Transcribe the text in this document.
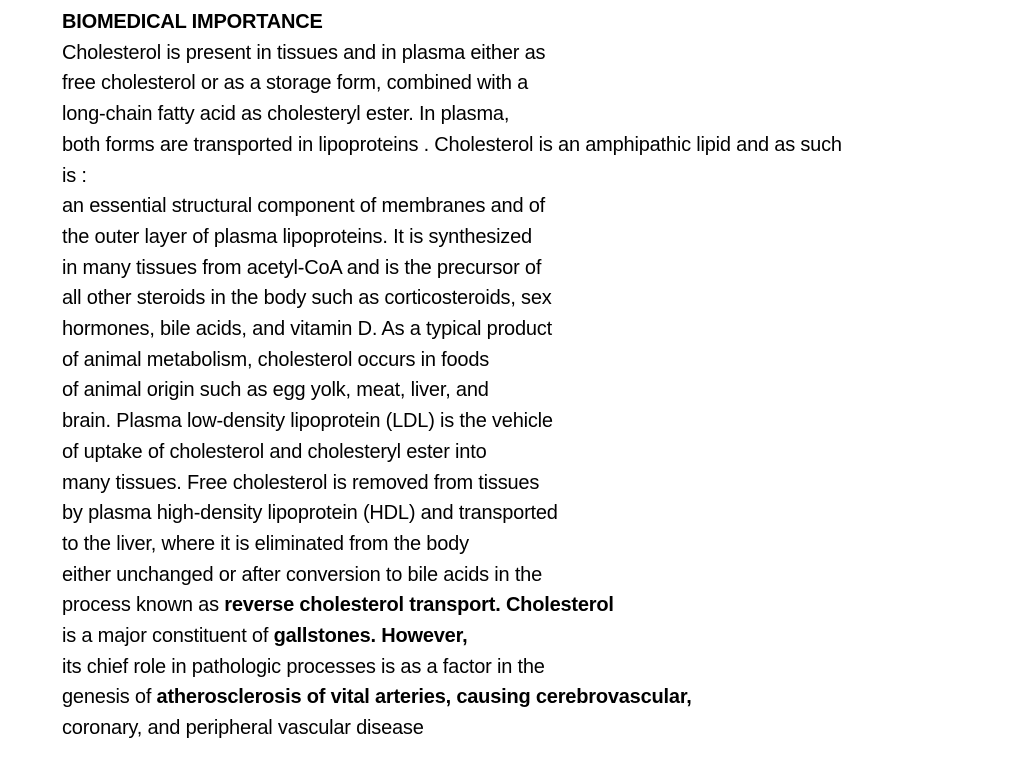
BIOMEDICAL IMPORTANCE
Cholesterol is present in tissues and in plasma either as
free cholesterol or as a storage form, combined with a
long-chain fatty acid as cholesteryl ester. In plasma,
both forms are transported in lipoproteins . Cholesterol is an amphipathic lipid and as such
is :
an essential structural component of membranes and of
the outer layer of plasma lipoproteins. It is synthesized
in many tissues from acetyl-CoA and is the precursor of
all other steroids in the body such as corticosteroids, sex
hormones, bile acids, and vitamin D. As a typical product
of animal metabolism, cholesterol occurs in foods
of animal origin such as egg yolk, meat, liver, and
brain. Plasma low-density lipoprotein (LDL) is the vehicle
of uptake of cholesterol and cholesteryl ester into
many tissues. Free cholesterol is removed from tissues
by plasma high-density lipoprotein (HDL) and transported
to the liver, where it is eliminated from the body
either unchanged or after conversion to bile acids in the
process known as reverse cholesterol transport. Cholesterol
is a major constituent of gallstones. However,
its chief role in pathologic processes is as a factor in the
genesis of atherosclerosis of vital arteries, causing cerebrovascular,
coronary, and peripheral vascular disease
